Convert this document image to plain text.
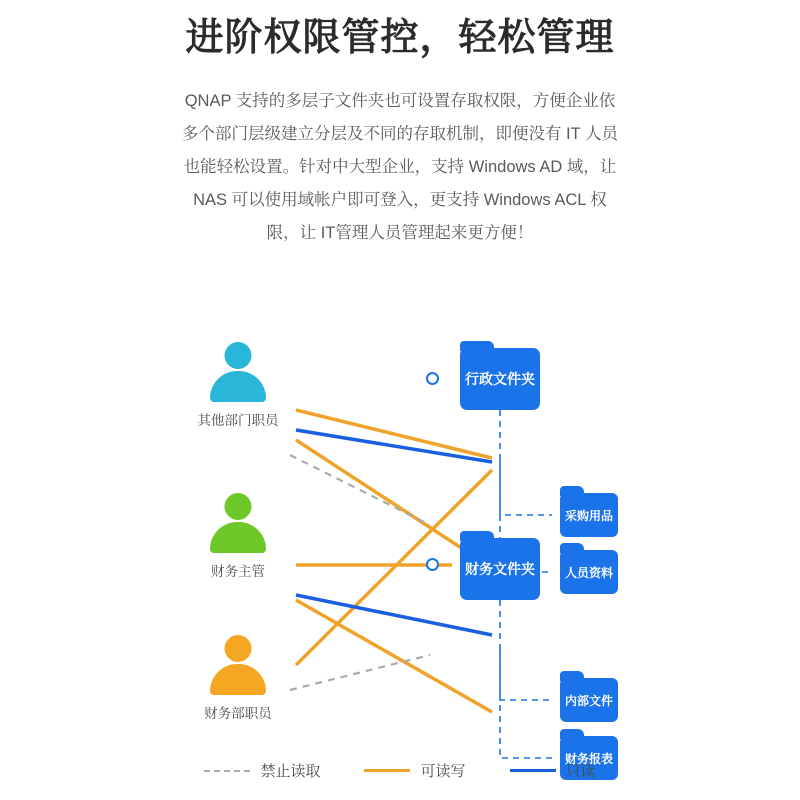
进阶权限管控，轻松管理
QNAP 支持的多层子文件夹也可设置存取权限，方便企业依多个部门层级建立分层及不同的存取机制，即便没有 IT 人员也能轻松设置。针对中大型企业，支持 Windows AD 域，让 NAS 可以使用域帐户即可登入，更支持 Windows ACL 权限，让 IT管理人员管理起来更方便！
其他部门职员
财务主管
财务部职员
行政文件夹
财务文件夹
采购用品
人员资料
内部文件
财务报表
禁止读取	可读写	只读
